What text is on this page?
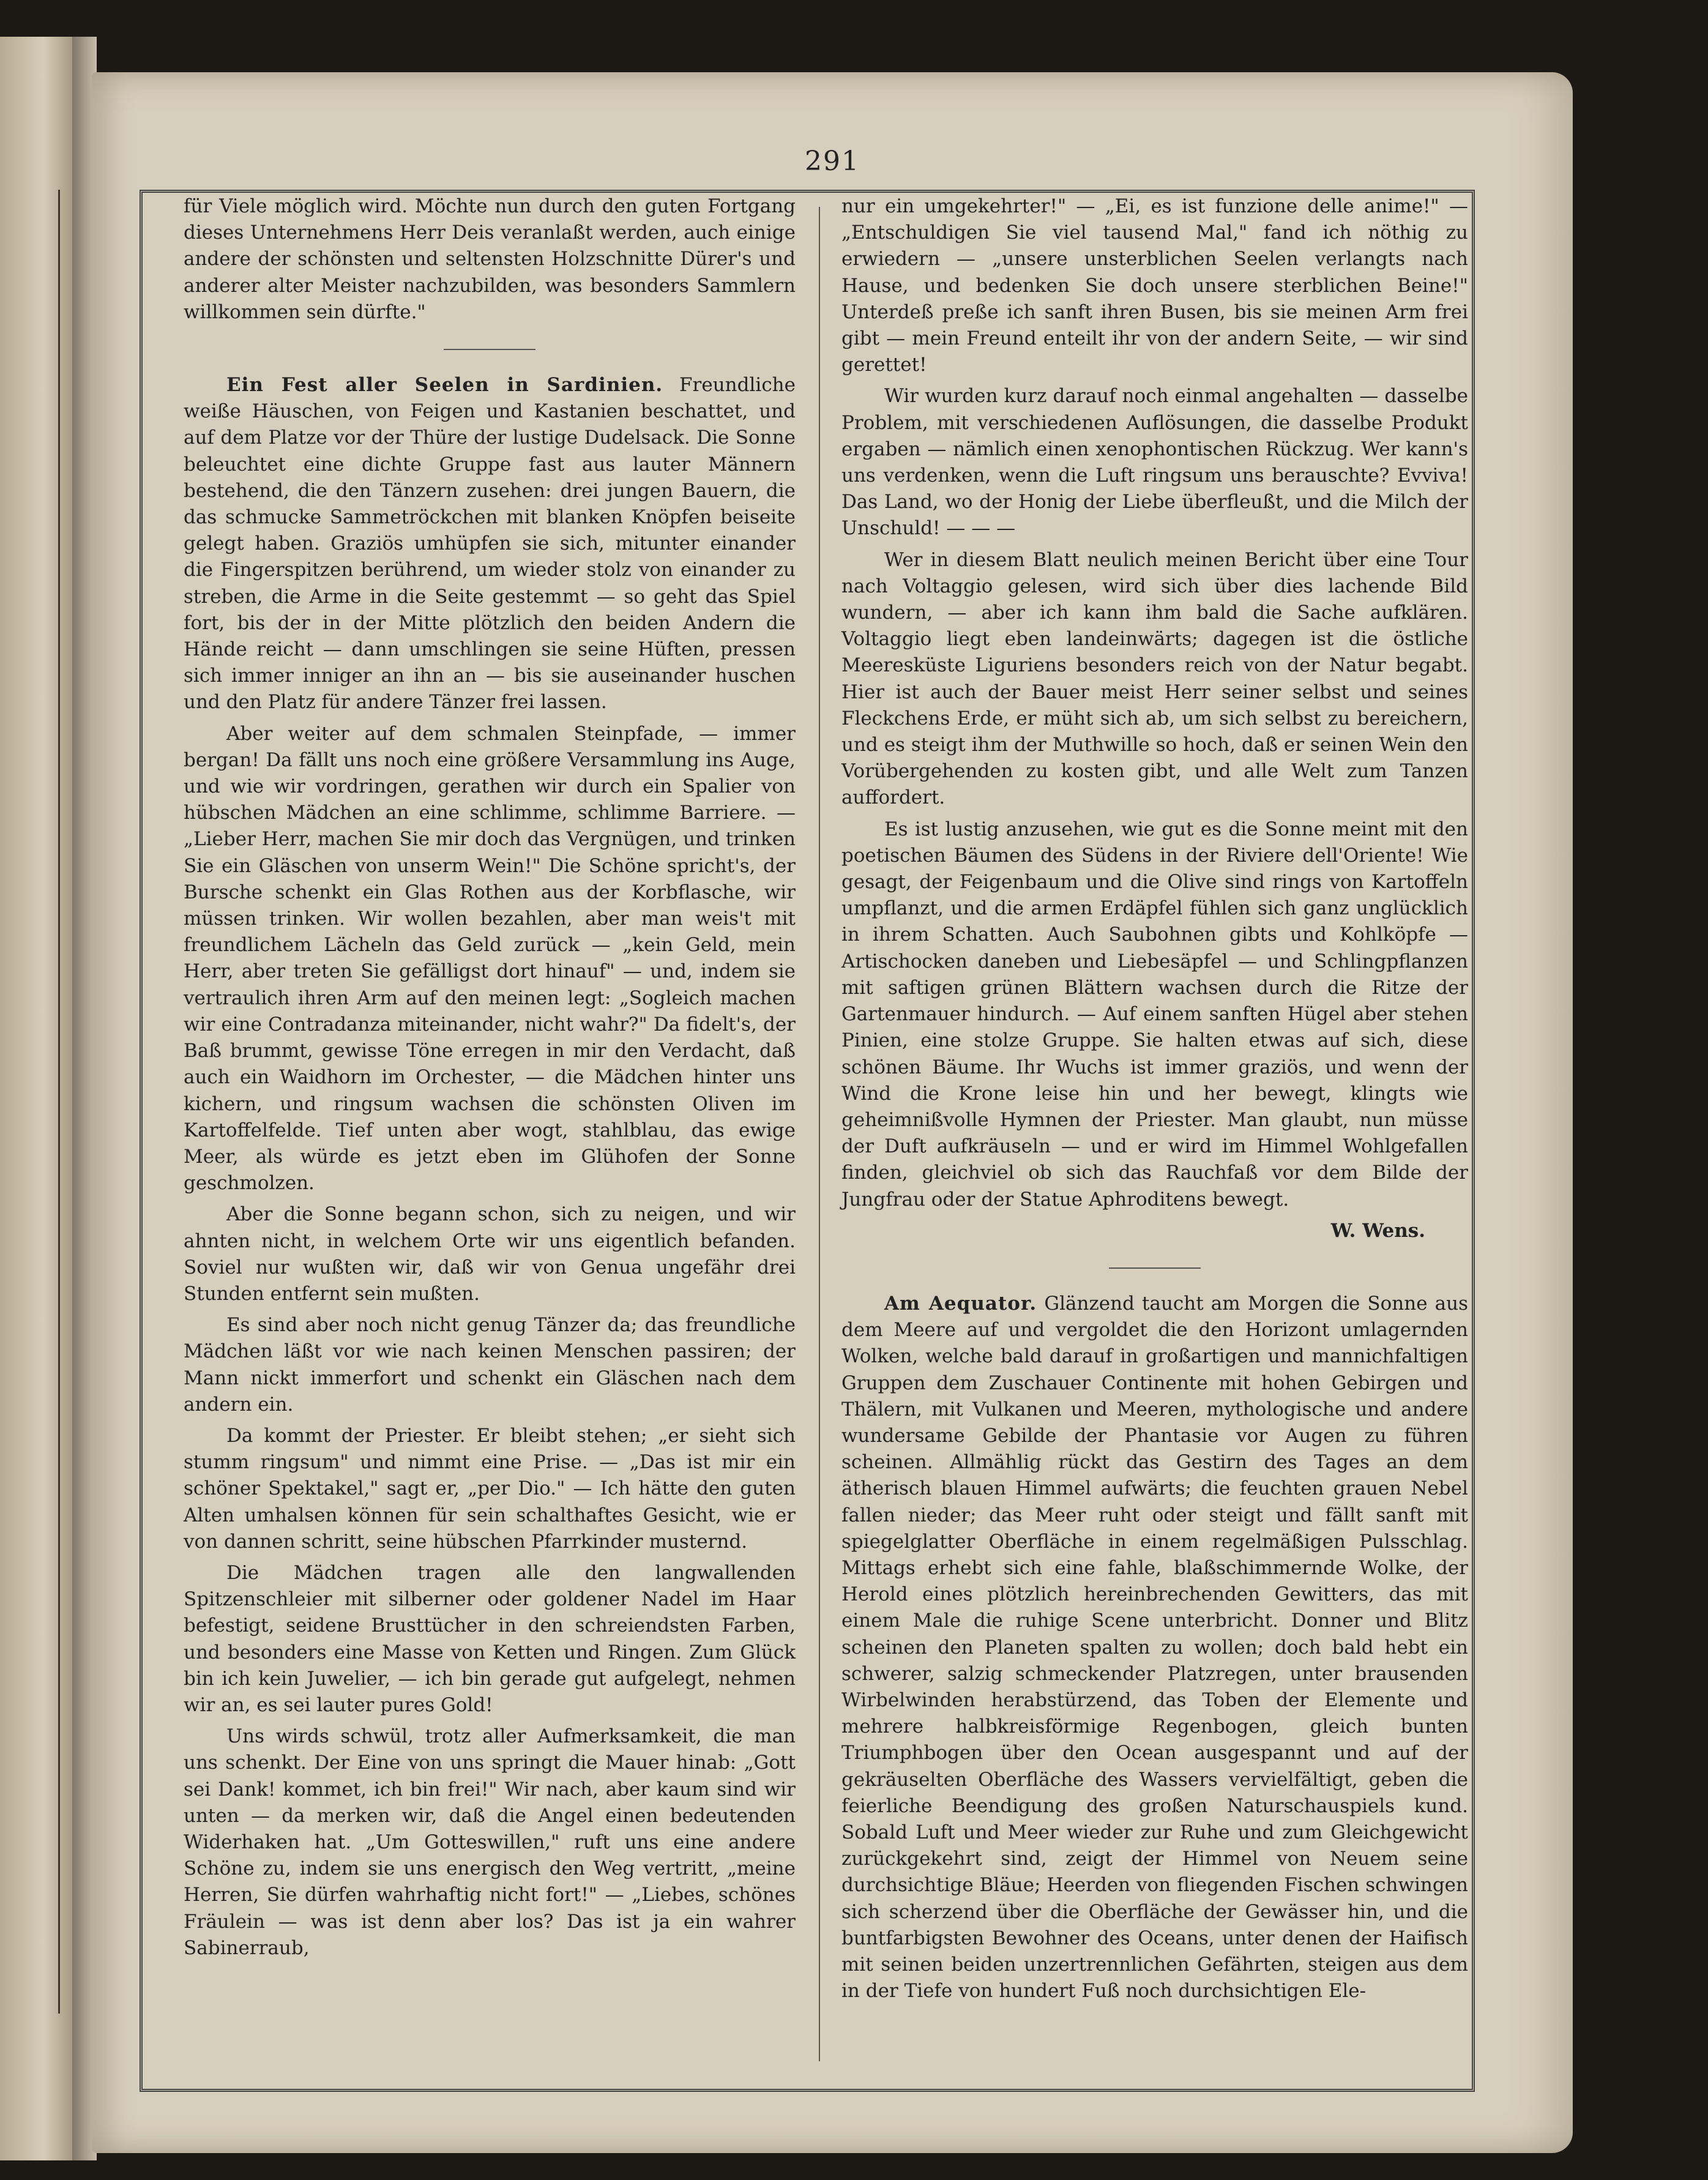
291

für Viele möglich wird. Möchte nun durch den guten Fortgang dieses Unternehmens Herr Deis veranlaßt werden, auch einige andere der schönsten und seltensten Holzschnitte Dürer's und anderer alter Meister nachzubilden, was besonders Sammlern willkommen sein dürfte."

Ein Fest aller Seelen in Sardinien. Freundliche weiße Häuschen, von Feigen und Kastanien beschattet, und auf dem Platze vor der Thüre der lustige Dudelsack. Die Sonne beleuchtet eine dichte Gruppe fast aus lauter Männern bestehend, die den Tänzern zusehen: drei jungen Bauern, die das schmucke Sammetröckchen mit blanken Knöpfen beiseite gelegt haben. Graziös umhüpfen sie sich, mitunter einander die Fingerspitzen berührend, um wieder stolz von einander zu streben, die Arme in die Seite gestemmt — so geht das Spiel fort, bis der in der Mitte plötzlich den beiden Andern die Hände reicht — dann umschlingen sie seine Hüften, pressen sich immer inniger an ihn an — bis sie auseinander huschen und den Platz für andere Tänzer frei lassen.

Aber weiter auf dem schmalen Steinpfade, — immer bergan! Da fällt uns noch eine größere Versammlung ins Auge, und wie wir vordringen, gerathen wir durch ein Spalier von hübschen Mädchen an eine schlimme, schlimme Barriere. — „Lieber Herr, machen Sie mir doch das Vergnügen, und trinken Sie ein Gläschen von unserm Wein!" Die Schöne spricht's, der Bursche schenkt ein Glas Rothen aus der Korbflasche, wir müssen trinken. Wir wollen bezahlen, aber man weis't mit freundlichem Lächeln das Geld zurück — „kein Geld, mein Herr, aber treten Sie gefälligst dort hinauf" — und, indem sie vertraulich ihren Arm auf den meinen legt: „Sogleich machen wir eine Contradanza miteinander, nicht wahr?" Da fidelt's, der Baß brummt, gewisse Töne erregen in mir den Verdacht, daß auch ein Waidhorn im Orchester, — die Mädchen hinter uns kichern, und ringsum wachsen die schönsten Oliven im Kartoffelfelde. Tief unten aber wogt, stahlblau, das ewige Meer, als würde es jetzt eben im Glühofen der Sonne geschmolzen.

Aber die Sonne begann schon, sich zu neigen, und wir ahnten nicht, in welchem Orte wir uns eigentlich befanden. Soviel nur wußten wir, daß wir von Genua ungefähr drei Stunden entfernt sein mußten.

Es sind aber noch nicht genug Tänzer da; das freundliche Mädchen läßt vor wie nach keinen Menschen passiren; der Mann nickt immerfort und schenkt ein Gläschen nach dem andern ein.

Da kommt der Priester. Er bleibt stehen; „er sieht sich stumm ringsum" und nimmt eine Prise. — „Das ist mir ein schöner Spektakel," sagt er, „per Dio." — Ich hätte den guten Alten umhalsen können für sein schalthaftes Gesicht, wie er von dannen schritt, seine hübschen Pfarrkinder musternd.

Die Mädchen tragen alle den langwallenden Spitzenschleier mit silberner oder goldener Nadel im Haar befestigt, seidene Brusttücher in den schreiendsten Farben, und besonders eine Masse von Ketten und Ringen. Zum Glück bin ich kein Juwelier, — ich bin gerade gut aufgelegt, nehmen wir an, es sei lauter pures Gold!

Uns wirds schwül, trotz aller Aufmerksamkeit, die man uns schenkt. Der Eine von uns springt die Mauer hinab: „Gott sei Dank! kommet, ich bin frei!" Wir nach, aber kaum sind wir unten — da merken wir, daß die Angel einen bedeutenden Widerhaken hat. „Um Gotteswillen," ruft uns eine andere Schöne zu, indem sie uns energisch den Weg vertritt, „meine Herren, Sie dürfen wahrhaftig nicht fort!" — „Liebes, schönes Fräulein — was ist denn aber los? Das ist ja ein wahrer Sabinerraub,

nur ein umgekehrter!" — „Ei, es ist funzione delle anime!" — „Entschuldigen Sie viel tausend Mal," fand ich nöthig zu erwiedern — „unsere unsterblichen Seelen verlangts nach Hause, und bedenken Sie doch unsere sterblichen Beine!" Unterdeß preße ich sanft ihren Busen, bis sie meinen Arm frei gibt — mein Freund enteilt ihr von der andern Seite, — wir sind gerettet!

Wir wurden kurz darauf noch einmal angehalten — dasselbe Problem, mit verschiedenen Auflösungen, die dasselbe Produkt ergaben — nämlich einen xenophontischen Rückzug. Wer kann's uns verdenken, wenn die Luft ringsum uns berauschte? Evviva! Das Land, wo der Honig der Liebe überfleußt, und die Milch der Unschuld! — — —

Wer in diesem Blatt neulich meinen Bericht über eine Tour nach Voltaggio gelesen, wird sich über dies lachende Bild wundern, — aber ich kann ihm bald die Sache aufklären. Voltaggio liegt eben landeinwärts; dagegen ist die östliche Meeresküste Liguriens besonders reich von der Natur begabt. Hier ist auch der Bauer meist Herr seiner selbst und seines Fleckchens Erde, er müht sich ab, um sich selbst zu bereichern, und es steigt ihm der Muthwille so hoch, daß er seinen Wein den Vorübergehenden zu kosten gibt, und alle Welt zum Tanzen auffordert.

Es ist lustig anzusehen, wie gut es die Sonne meint mit den poetischen Bäumen des Südens in der Riviere dell'Oriente! Wie gesagt, der Feigenbaum und die Olive sind rings von Kartoffeln umpflanzt, und die armen Erdäpfel fühlen sich ganz unglücklich in ihrem Schatten. Auch Saubohnen gibts und Kohlköpfe — Artischocken daneben und Liebesäpfel — und Schlingpflanzen mit saftigen grünen Blättern wachsen durch die Ritze der Gartenmauer hindurch. — Auf einem sanften Hügel aber stehen Pinien, eine stolze Gruppe. Sie halten etwas auf sich, diese schönen Bäume. Ihr Wuchs ist immer graziös, und wenn der Wind die Krone leise hin und her bewegt, klingts wie geheimnißvolle Hymnen der Priester. Man glaubt, nun müsse der Duft aufkräuseln — und er wird im Himmel Wohlgefallen finden, gleichviel ob sich das Rauchfaß vor dem Bilde der Jungfrau oder der Statue Aphroditens bewegt.

W. Wens.

Am Aequator. Glänzend taucht am Morgen die Sonne aus dem Meere auf und vergoldet die den Horizont umlagernden Wolken, welche bald darauf in großartigen und mannichfaltigen Gruppen dem Zuschauer Continente mit hohen Gebirgen und Thälern, mit Vulkanen und Meeren, mythologische und andere wundersame Gebilde der Phantasie vor Augen zu führen scheinen. Allmählig rückt das Gestirn des Tages an dem ätherisch blauen Himmel aufwärts; die feuchten grauen Nebel fallen nieder; das Meer ruht oder steigt und fällt sanft mit spiegelglatter Oberfläche in einem regelmäßigen Pulsschlag. Mittags erhebt sich eine fahle, blaßschimmernde Wolke, der Herold eines plötzlich hereinbrechenden Gewitters, das mit einem Male die ruhige Scene unterbricht. Donner und Blitz scheinen den Planeten spalten zu wollen; doch bald hebt ein schwerer, salzig schmeckender Platzregen, unter brausenden Wirbelwinden herabstürzend, das Toben der Elemente und mehrere halbkreisförmige Regenbogen, gleich bunten Triumphbogen über den Ocean ausgespannt und auf der gekräuselten Oberfläche des Wassers vervielfältigt, geben die feierliche Beendigung des großen Naturschauspiels kund. Sobald Luft und Meer wieder zur Ruhe und zum Gleichgewicht zurückgekehrt sind, zeigt der Himmel von Neuem seine durchsichtige Bläue; Heerden von fliegenden Fischen schwingen sich scherzend über die Oberfläche der Gewässer hin, und die buntfarbigsten Bewohner des Oceans, unter denen der Haifisch mit seinen beiden unzertrennlichen Gefährten, steigen aus dem in der Tiefe von hundert Fuß noch durchsichtigen Ele-
